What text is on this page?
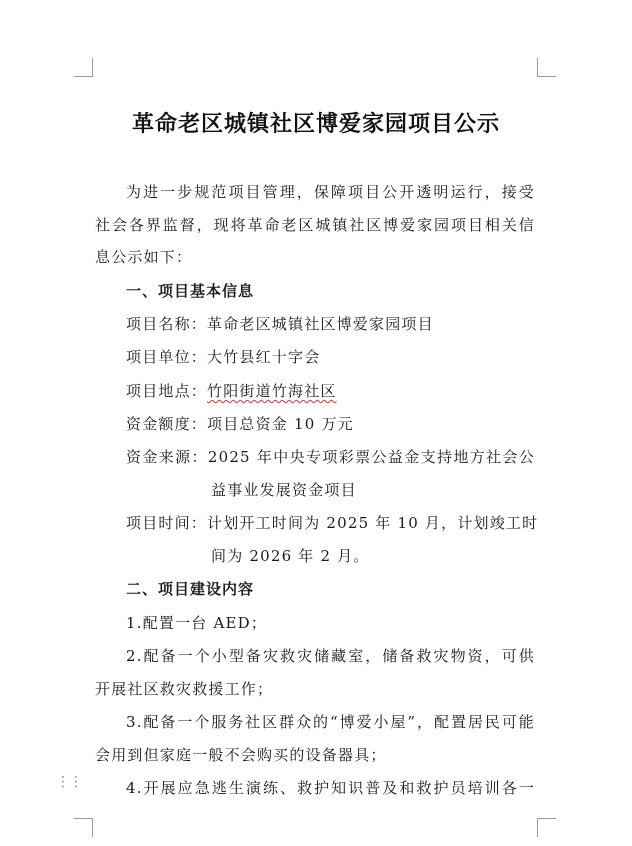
⋮⋮
革命老区城镇社区博爱家园项目公示
为进一步规范项目管理，保障项目公开透明运行，接受
社会各界监督，现将革命老区城镇社区博爱家园项目相关信
息公示如下：
一、项目基本信息
项目名称：革命老区城镇社区博爱家园项目
项目单位：大竹县红十字会
项目地点：竹阳街道竹海社区
资金额度：项目总资金 10 万元
资金来源：2025 年中央专项彩票公益金支持地方社会公
益事业发展资金项目
项目时间：计划开工时间为 2025 年 10 月，计划竣工时
间为 2026 年 2 月。
二、项目建设内容
1.配置一台 AED；
2.配备一个小型备灾救灾储藏室，储备救灾物资，可供
开展社区救灾救援工作；
3.配备一个服务社区群众的“博爱小屋”，配置居民可能
会用到但家庭一般不会购买的设备器具；
4.开展应急逃生演练、救护知识普及和救护员培训各一
